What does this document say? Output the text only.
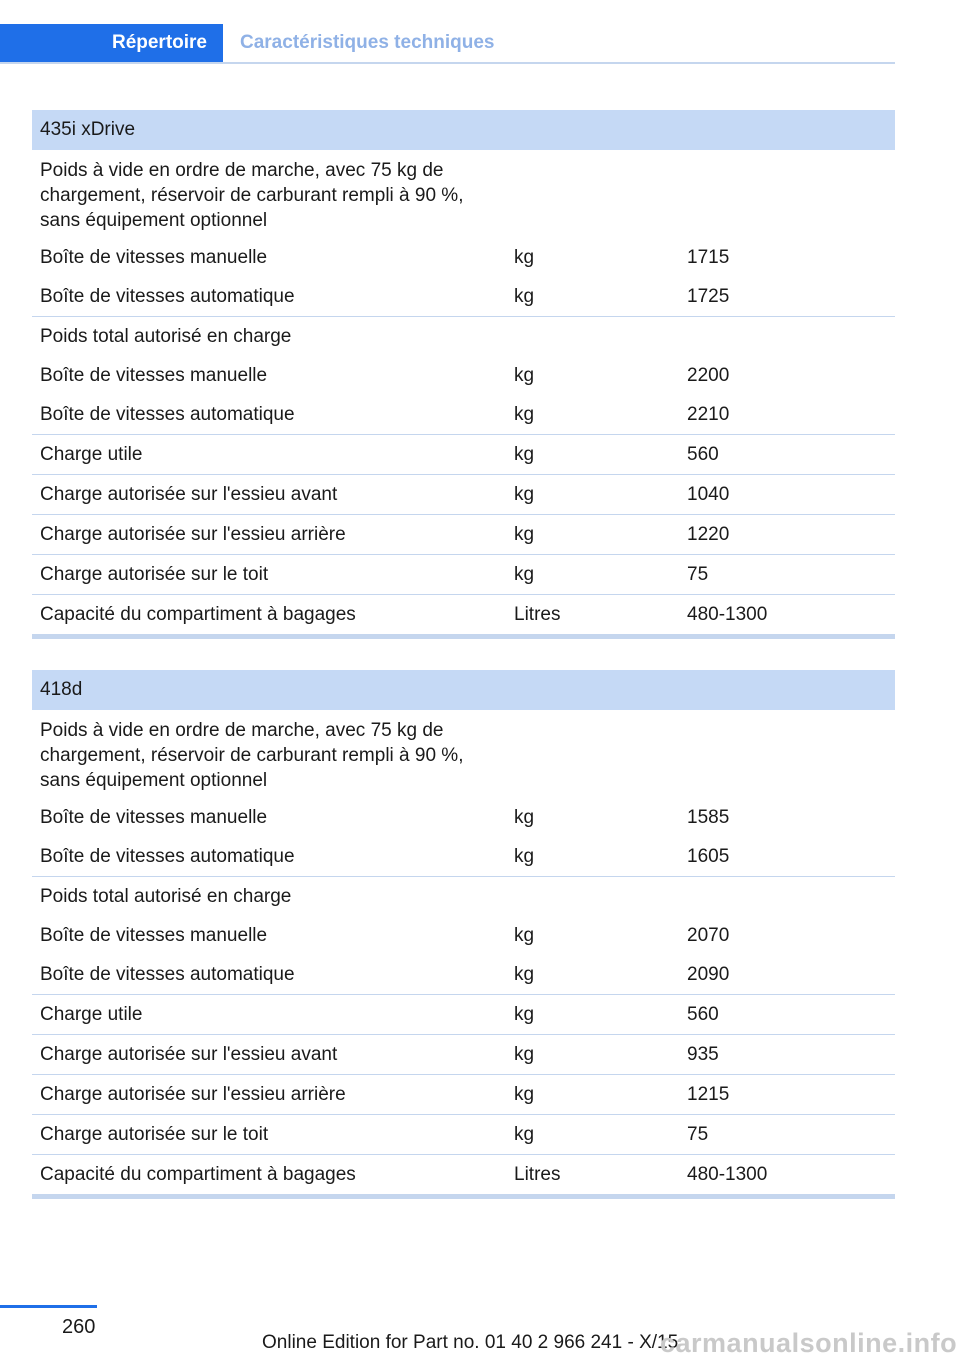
Répertoire Caractéristiques techniques
435i xDrive
Poids à vide en ordre de marche, avec 75 kg de chargement, réservoir de carburant rempli à 90 %, sans équipement optionnel
Boîte de vitesses manuelle	kg	1715
Boîte de vitesses automatique	kg	1725
Poids total autorisé en charge
Boîte de vitesses manuelle	kg	2200
Boîte de vitesses automatique	kg	2210
Charge utile	kg	560
Charge autorisée sur l'essieu avant	kg	1040
Charge autorisée sur l'essieu arrière	kg	1220
Charge autorisée sur le toit	kg	75
Capacité du compartiment à bagages	Litres	480-1300
418d
Poids à vide en ordre de marche, avec 75 kg de chargement, réservoir de carburant rempli à 90 %, sans équipement optionnel
Boîte de vitesses manuelle	kg	1585
Boîte de vitesses automatique	kg	1605
Poids total autorisé en charge
Boîte de vitesses manuelle	kg	2070
Boîte de vitesses automatique	kg	2090
Charge utile	kg	560
Charge autorisée sur l'essieu avant	kg	935
Charge autorisée sur l'essieu arrière	kg	1215
Charge autorisée sur le toit	kg	75
Capacité du compartiment à bagages	Litres	480-1300
260
Online Edition for Part no. 01 40 2 966 241 - X/15
carmanualsonline.info
